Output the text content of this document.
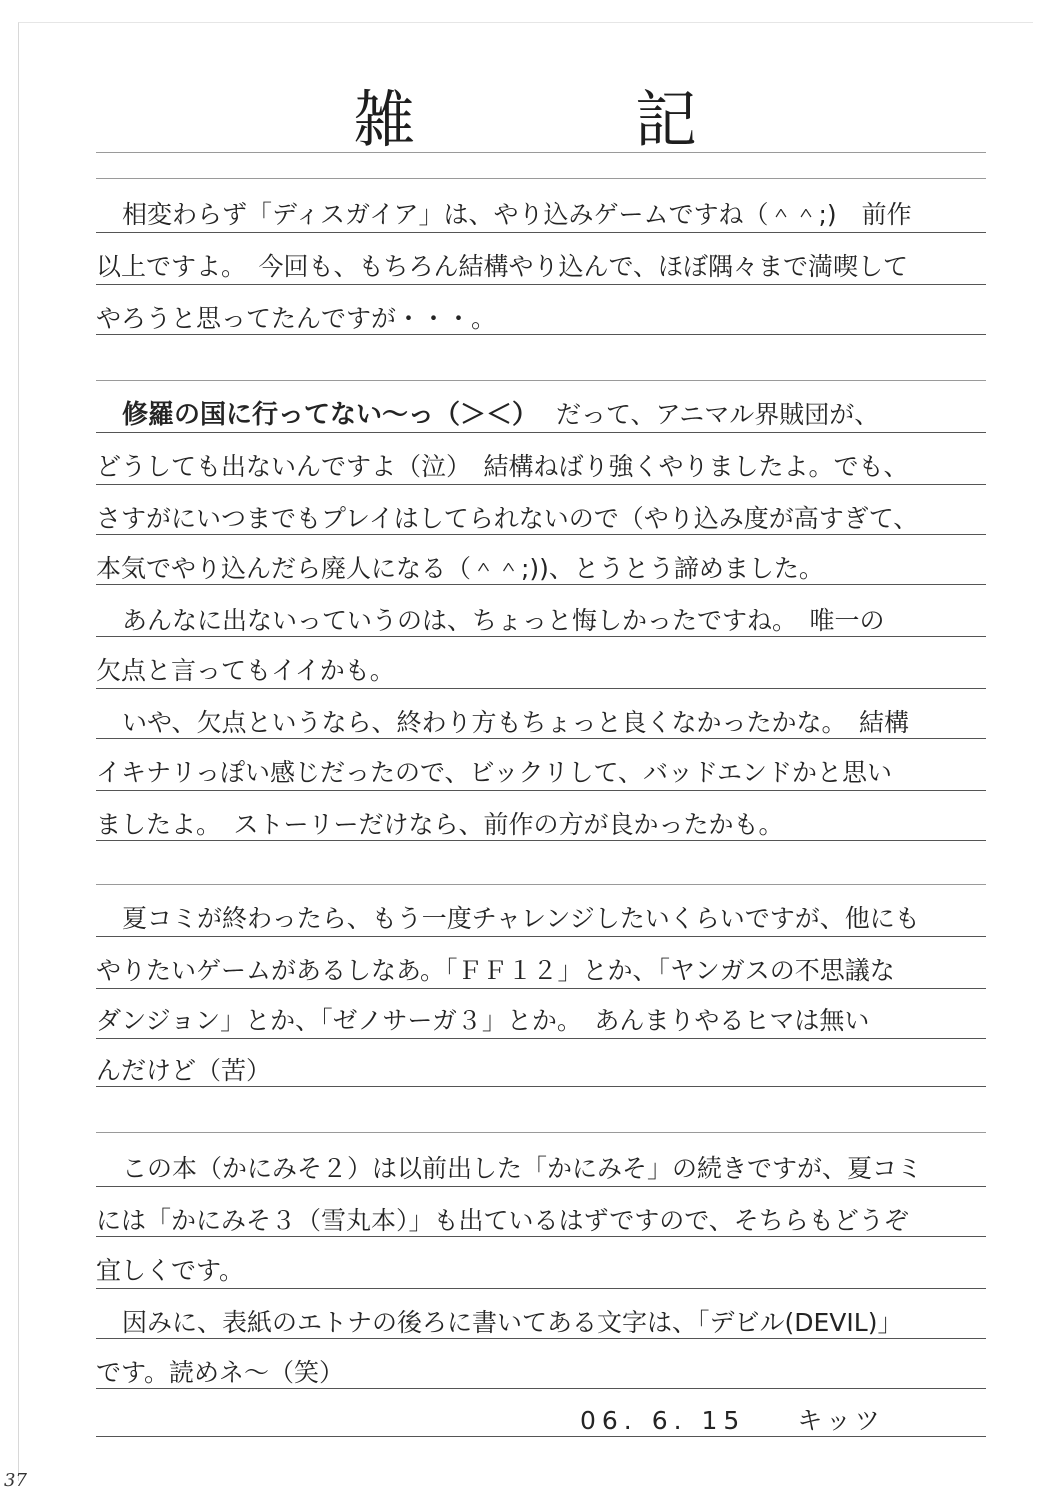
雑 記
相変わらず「ディスガイア」は、やり込みゲームですね（＾＾;)　前作
以上ですよ。　今回も、もちろん結構やり込んで、ほぼ隅々まで満喫して
やろうと思ってたんですが・・・。
修羅の国に行ってない〜っ（＞＜） だって、アニマル界賊団が、
どうしても出ないんですよ（泣）　結構ねばり強くやりましたよ。でも、
さすがにいつまでもプレイはしてられないので（やり込み度が高すぎて、
本気でやり込んだら廃人になる（＾＾;))、とうとう諦めました。
あんなに出ないっていうのは、ちょっと悔しかったですね。　唯一の
欠点と言ってもイイかも。
いや、欠点というなら、終わり方もちょっと良くなかったかな。　結構
イキナリっぽい感じだったので、ビックリして、バッドエンドかと思い
ましたよ。　ストーリーだけなら、前作の方が良かったかも。
夏コミが終わったら、もう一度チャレンジしたいくらいですが、他にも
やりたいゲームがあるしなあ。「ＦＦ１２」とか、「ヤンガスの不思議な
ダンジョン」とか、「ゼノサーガ３」とか。　あんまりやるヒマは無い
んだけど（苦）
この本（かにみそ２）は以前出した「かにみそ」の続きですが、夏コミ
には「かにみそ３（雪丸本）」も出ているはずですので、そちらもどうぞ
宜しくです。
因みに、表紙のエトナの後ろに書いてある文字は、「デビル(DEVIL)」
です。読めネ〜（笑）
06. 6. 15 キッツ
37
